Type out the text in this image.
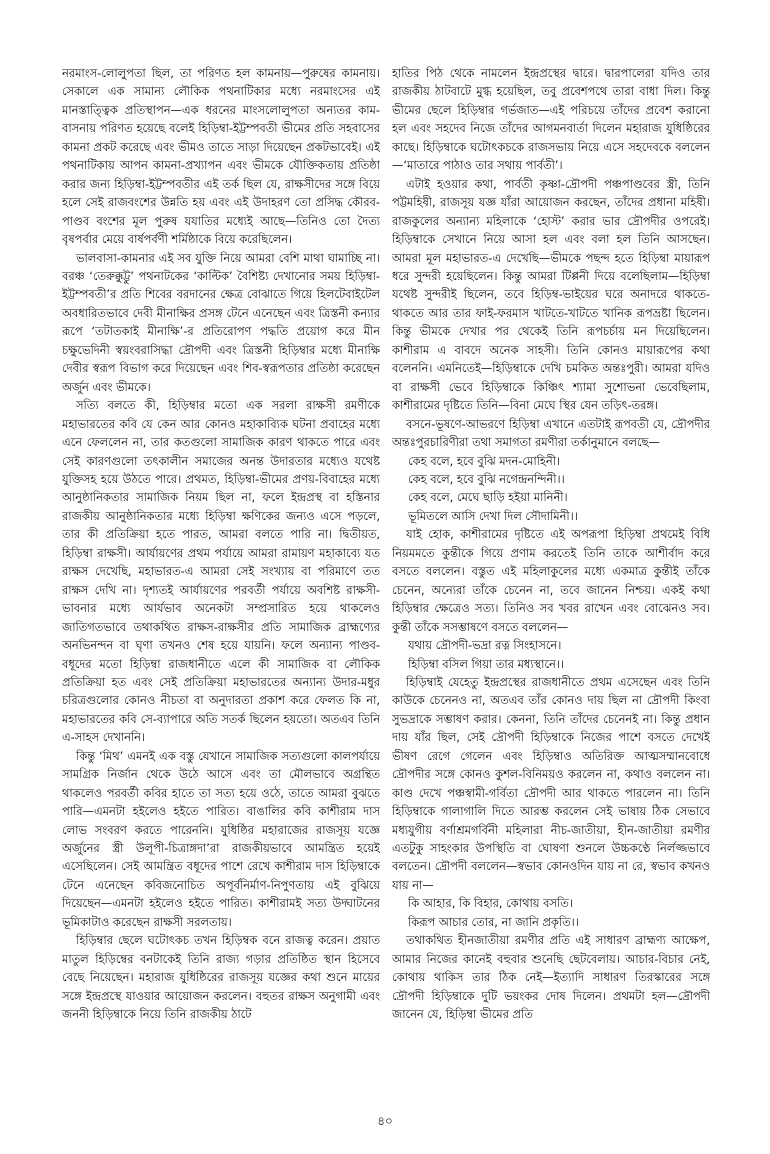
নরমাংস-লোলুপতা ছিল, তা পরিণত হল কামনায়—পুরুষের কামনায়। সেকালে এক সামান্য লৌকিক পথনাটিকার মধ্যে নরমাংসের এই মানস্তাত্ত্বিক প্রতিস্থাপন—এক ধরনের মাংসলোলুপতা অন্যতর কাম-বাসনায় পরিণত হয়েছে বলেই হিড়িম্বা-ইট্টম্পবতী ভীমের প্রতি সহবাসের কামনা প্রকট করেছে এবং ভীমও তাতে সাড়া দিয়েছেন প্রকটভাবেই। এই পথনাটিকায় আপন কামনা-প্রখ্যাপন এবং ভীমকে যৌক্তিকতায় প্রতিষ্ঠা করার জন্য হিড়িম্বা-ইট্টম্পবতীর এই তর্ক ছিল যে, রাক্ষসীদের সঙ্গে বিয়ে হলে সেই রাজবংশের উন্নতি হয় এবং এই উদাহরণ তো প্রসিদ্ধ কৌরব-পাণ্ডব বংশের মূল পুরুষ যযাতির মধ্যেই আছে—তিনিও তো দৈত্য বৃষপর্বার মেয়ে বার্ষপর্বণী শর্মিষ্ঠাকে বিয়ে করেছিলেন।

ভালবাসা-কামনার এই সব যুক্তি নিয়ে আমরা বেশি মাথা ঘামাচ্ছি না। বরঞ্চ ‘তেরুক্কুট্টু’ পথনাটকের ‘কাল্টিক’ বৈশিষ্ট্য দেখানোর সময় হিড়িম্বা-ইট্টম্পবতী’র প্রতি শিবের বরদানের ক্ষেত্র বোঝাতে গিয়ে হিলটেবাইটেল অবধারিতভাবে দেবী মীনাক্ষির প্রসঙ্গ টেনে এনেছেন এবং ত্রিস্তনী কন্যার রূপে ‘তটাতকাই মীনাক্ষি’-র প্রতিরোপণ পদ্ধতি প্রয়োগ করে মীন চক্ষুভেদিনী স্বয়ংবরাসিদ্ধা দ্রৌপদী এবং ত্রিস্তনী হিড়িম্বার মধ্যে মীনাক্ষি দেবীর স্বরূপ বিভাগ করে দিয়েছেন এবং শিব-স্বরূপতার প্রতিষ্ঠা করেছেন অর্জুন এবং ভীমকে।

সত্যি বলতে কী, হিড়িম্বার মতো এক সরলা রাক্ষসী রমণীকে মহাভারতের কবি যে কেন আর কোনও মহাকাব্যিক ঘটনা প্রবাহের মধ্যে এনে ফেললেন না, তার কতগুলো সামাজিক কারণ থাকতে পারে এবং সেই কারণগুলো তৎকালীন সমাজের অনন্ত উদারতার মধ্যেও যথেষ্ট যুক্তিসহ হয়ে উঠতে পারে। প্রথমত, হিড়িম্বা-ভীমের প্রণয়-বিবাহের মধ্যে আনুষ্ঠানিকতার সামাজিক নিয়ম ছিল না, ফলে ইন্দ্রপ্রস্থ বা হস্তিনার রাজকীয় আনুষ্ঠানিকতার মধ্যে হিড়িম্বা ক্ষণিকের জন্যও এসে পড়লে, তার কী প্রতিক্রিয়া হতে পারত, আমরা বলতে পারি না। দ্বিতীয়ত, হিড়িম্বা রাক্ষসী। আর্যায়ণের প্রথম পর্যায়ে আমরা রামায়ণ মহাকাব্যে যত রাক্ষস দেখেছি, মহাভারত-এ আমরা সেই সংখ্যায় বা পরিমাণে তত রাক্ষস দেখি না। দৃশ্যতই আর্যায়ণের পরবর্তী পর্যায়ে অবশিষ্ট রাক্ষসী-ভাবনার মধ্যে আর্যভাব অনেকটা সম্প্রসারিত হয়ে থাকলেও জাতিগতভাবে তথাকথিত রাক্ষস-রাক্ষসীর প্রতি সামাজিক ব্রাহ্মণ্যের অনভিনন্দন বা ঘৃণা তখনও শেষ হয়ে যায়নি। ফলে অন্যান্য পাণ্ডব-বধূদের মতো হিড়িম্বা রাজধানীতে এলে কী সামাজিক বা লৌকিক প্রতিক্রিয়া হত এবং সেই প্রতিক্রিয়া মহাভারতের অন্যান্য উদার-মধুর চরিত্রগুলোর কোনও নীচতা বা অনুদারতা প্রকাশ করে ফেলত কি না, মহাভারতের কবি সে-ব্যাপারে অতি সতর্ক ছিলেন হয়তো। অতএব তিনি এ-সাহস দেখাননি।

কিন্তু ‘মিথ’ এমনই এক বস্তু যেখানে সামাজিক সত্যগুলো কালপর্যায়ে সামগ্রিক নির্জান থেকে উঠে আসে এবং তা মৌলভাবে অগ্রন্থিত থাকলেও পরবর্তী কবির হাতে তা সত্য হয়ে ওঠে, তাতে আমরা বুঝতে পারি—এমনটা হইলেও হইতে পারিত। বাঙালির কবি কাশীরাম দাস লোভ সংবরণ করতে পারেননি। যুধিষ্ঠির মহারাজের রাজসূয় যজ্ঞে অর্জুনের স্ত্রী উলূপী-চিত্রাঙ্গদা’রা রাজকীয়ভাবে আমন্ত্রিত হয়েই এসেছিলেন। সেই আমন্ত্রিত বধূদের পাশে রেখে কাশীরাম দাস হিড়িম্বাকে টেনে এনেছেন কবিজনোচিত অপূর্বনির্মাণ-নিপুণতায় এই বুঝিয়ে দিয়েছেন—এমনটা হইলেও হইতে পারিত। কাশীরামই সত্য উদ্ঘাটনের ভূমিকাটাও করেছেন রাক্ষসী সরলতায়।

হিড়িম্বার ছেলে ঘটোৎকচ তখন হিড়িম্বক বনে রাজত্ব করেন। প্রয়াত মাতুল হিড়িম্বের বনটাকেই তিনি রাজ্য গড়ার প্রতিষ্ঠিত স্থান হিসেবে বেছে নিয়েছেন। মহারাজ যুধিষ্ঠিরের রাজসূয় যজ্ঞের কথা শুনে মায়ের সঙ্গে ইন্দ্রপ্রস্থে যাওয়ার আয়োজন করলেন। বহুতর রাক্ষস অনুগামী এবং জননী হিড়িম্বাকে নিয়ে তিনি রাজকীয় ঠাটে

হাতির পিঠ থেকে নামলেন ইন্দ্রপ্রস্থের দ্বারে। দ্বারপালেরা যদিও তার রাজকীয় ঠাটবাটে মুগ্ধ হয়েছিল, তবু প্রবেশপথে তারা বাধা দিল। কিন্তু ভীমের ছেলে হিড়িম্বার গর্ভজাত—এই পরিচয়ে তাঁদের প্রবেশ করানো হল এবং সহদেব নিজে তাঁদের আগমনবার্তা দিলেন মহারাজ যুধিষ্ঠিরের কাছে। হিড়িম্বাকে ঘটোৎকচকে রাজসভায় নিয়ে এসে সহদেবকে বললেন—‘মাতারে পাঠাও তার সথায় পার্বতী’।

এটাই হওয়ার কথা, পার্বতী কৃষ্ণা-দ্রৌপদী পঞ্চপাণ্ডবের স্ত্রী, তিনি পট্টমহিষী, রাজসূয় যজ্ঞ যাঁরা আয়োজন করছেন, তাঁদের প্রধানা মহিষী। রাজকুলের অন্যান্য মহিলাকে ‘হোস্ট’ করার ভার দ্রৌপদীর ওপরেই। হিড়িম্বাকে সেখানে নিয়ে আসা হল এবং বলা হল তিনি আসছেন। আমরা মূল মহাভারত-এ দেখেছি—ভীমকে পছন্দ হতে হিড়িম্বা মায়ারূপ ধরে সুন্দরী হয়েছিলেন। কিন্তু আমরা টিপ্পনী দিয়ে বলেছিলাম—হিড়িম্বা যথেষ্ট সুন্দরীই ছিলেন, তবে হিড়িম্ব-ভাইয়ের ঘরে অনাদরে থাকতে-থাকতে আর তার ফাই-ফরমাস খাটতে-খাটতে খানিক রূপভ্রষ্টা ছিলেন। কিন্তু ভীমকে দেখার পর থেকেই তিনি রূপচর্চায় মন দিয়েছিলেন। কাশীরাম এ বাবদে অনেক সাহসী। তিনি কোনও মায়ারূপের কথা বলেননি। এমনিতেই—হিড়িম্বাকে দেখি চমকিত অন্তঃপুরী। আমরা যদিও বা রাক্ষসী ভেবে হিড়িম্বাকে কিঞ্চিৎ শ্যামা সুশোভনা ভেবেছিলাম, কাশীরামের দৃষ্টিতে তিনি—বিনা মেঘে স্থির যেন তড়িৎ-তরঙ্গ।

বসনে-ভূষণে-আভরণে হিড়িম্বা এখানে এতটাই রূপবতী যে, দ্রৌপদীর অন্তঃপুরচারিণীরা তথা সমাগতা রমণীরা তর্কানুমানে বলছে—

কেহ বলে, হবে বুঝি মদন-মোহিনী।

কেহ বলে, হবে বুঝি নগেন্দ্রনন্দিনী।।

কেহ বলে, মেঘে ছাড়ি হইয়া মানিনী।

ভূমিতলে আসি দেখা দিল সৌদামিনী।।

যাই হোক, কাশীরামের দৃষ্টিতে এই অপরূপা হিড়িম্বা প্রথমেই বিধি নিয়মমতে কুন্তীকে গিয়ে প্রণাম করতেই তিনি তাকে আশীর্বাদ করে বসতে বললেন। বস্তুত এই মহিলাকুলের মধ্যে একমাত্র কুন্তীই তাঁকে চেনেন, অন্যেরা তাঁকে চেনেন না, তবে জানেন নিশ্চয়। একই কথা হিড়িম্বার ক্ষেত্রেও সত্য। তিনিও সব খবর রাখেন এবং বোঝেনও সব। কুন্তী তাঁকে সসম্ভাষণে বসতে বললেন—

যথায় দ্রৌপদী-ভদ্রা রত্ন সিংহাসনে।

হিড়িম্বা বসিল গিয়া তার মধ্যস্থানে।।

হিড়িম্বাই যেহেতু ইন্দ্রপ্রস্থের রাজধানীতে প্রথম এসেছেন এবং তিনি কাউকে চেনেনও না, অতএব তাঁর কোনও দায় ছিল না দ্রৌপদী কিংবা সুভদ্রাকে সম্ভাষণ করার। কেননা, তিনি তাঁদের চেনেনই না। কিন্তু প্রধান দায় যাঁর ছিল, সেই দ্রৌপদী হিড়িম্বাকে নিজের পাশে বসতে দেখেই ভীষণ রেগে গেলেন এবং হিড়িম্বাও অতিরিক্ত আত্মসম্মানবোধে দ্রৌপদীর সঙ্গে কোনও কুশল-বিনিময়ও করলেন না, কথাও বললেন না। কাণ্ড দেখে পঞ্চস্বামী-গর্বিতা দ্রৌপদী আর থাকতে পারলেন না। তিনি হিড়িম্বাকে গালাগালি দিতে আরম্ভ করলেন সেই ভাষায় ঠিক সেভাবে মধ্যযুগীয় বর্ণাশ্রমগর্বিনী মহিলারা নীচ-জাতীয়া, হীন-জাতীয়া রমণীর এতটুকু সাহংকার উপস্থিতি বা ঘোষণা শুনলে উচ্চকণ্ঠে নির্লজ্জভাবে বলতেন। দ্রৌপদী বললেন—স্বভাব কোনওদিন যায় না রে, স্বভাব কখনও যায় না—

কি আহার, কি বিহার, কোথায় বসতি।

কিরূপ আচার তোর, না জানি প্রকৃতি।।

তথাকথিত হীনজাতীয়া রমণীর প্রতি এই সাধারণ ব্রাহ্মণ্য আক্ষেপ, আমার নিজের কানেই বহুবার শুনেছি ছেটবেলায়। আচার-বিচার নেই, কোথায় থাকিস তার ঠিক নেই—ইত্যাদি সাধারণ তিরস্কারের সঙ্গে দ্রৌপদী হিড়িম্বাকে দুটি ভয়ংকর দোষ দিলেন। প্রথমটা হল—দ্রৌপদী জানেন যে, হিড়িম্বা ভীমের প্রতি

৪০
